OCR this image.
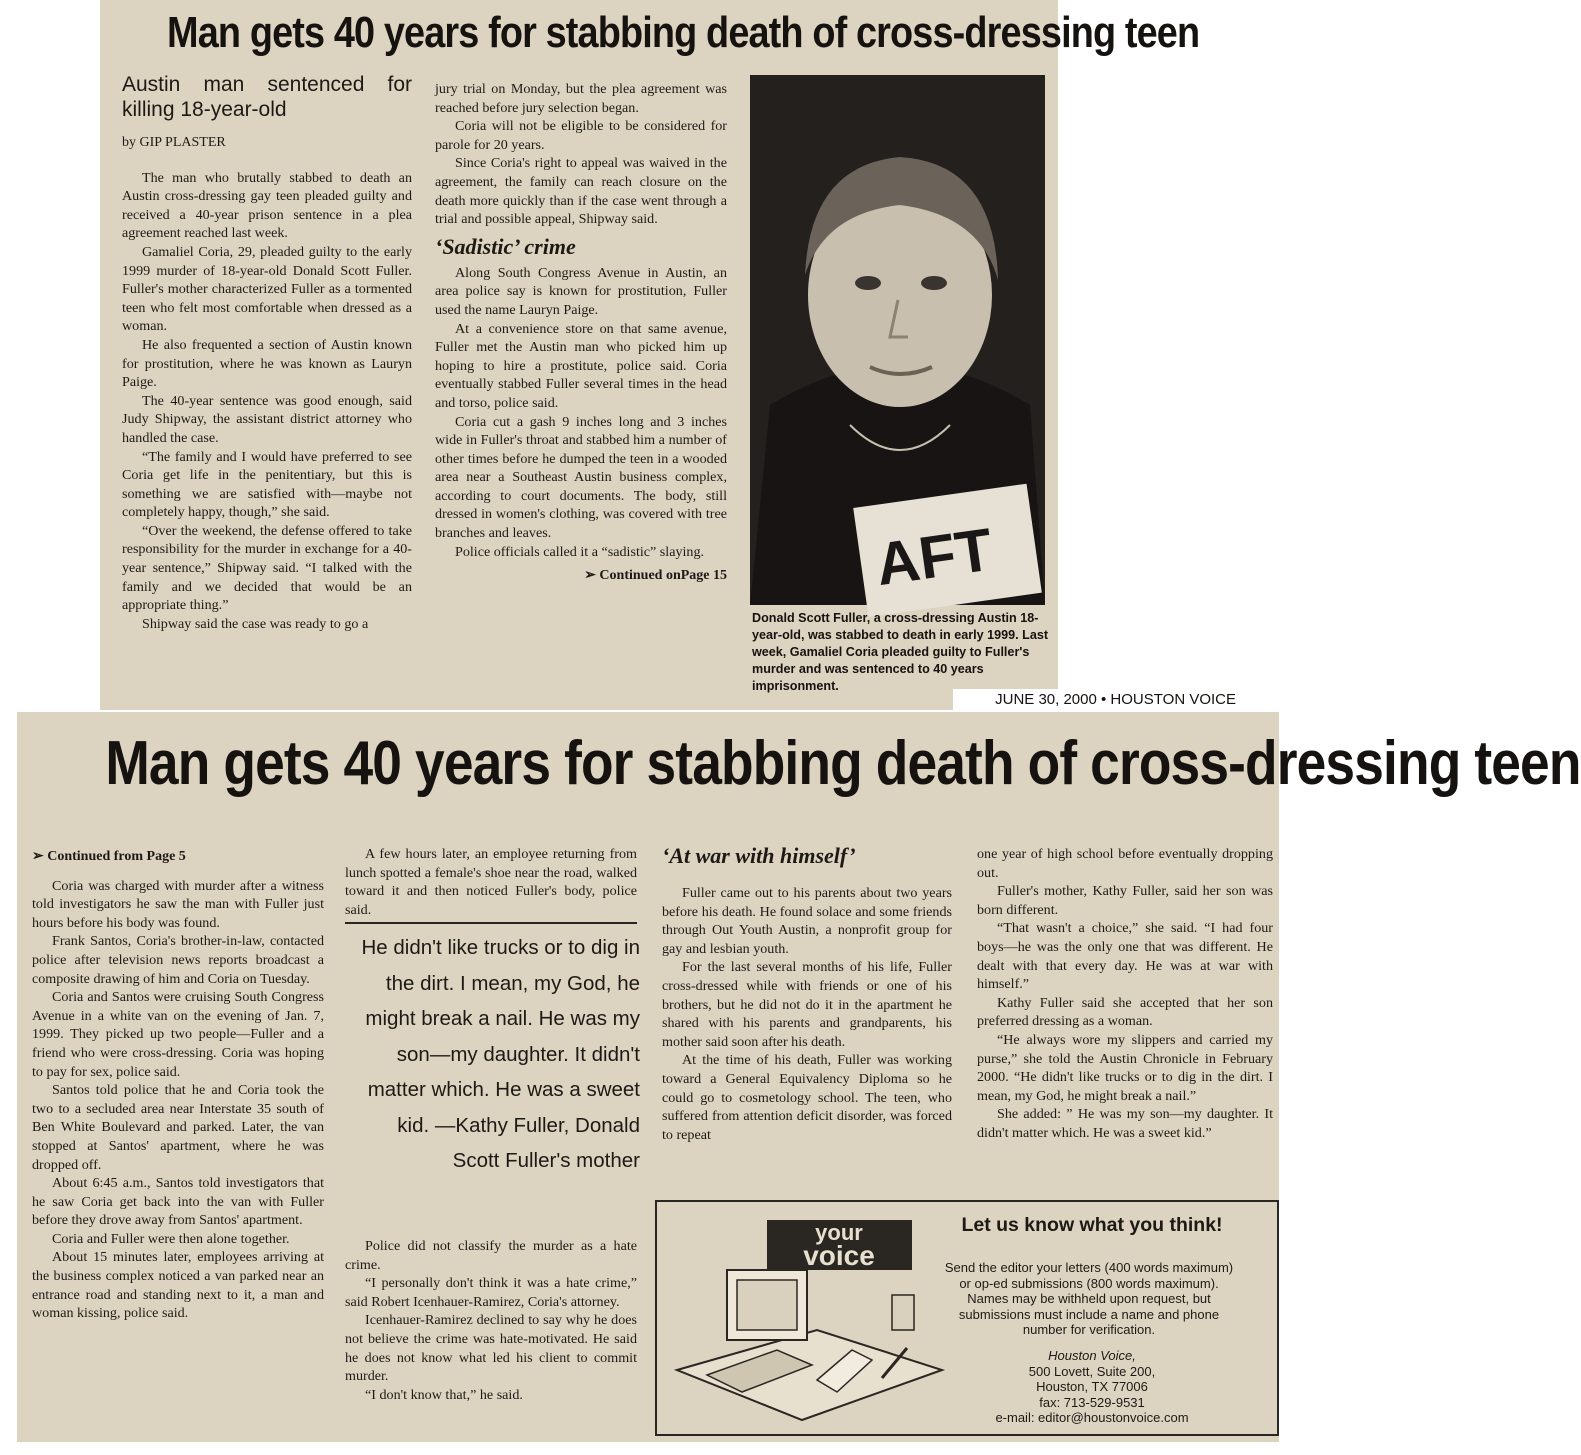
Man gets 40 years for stabbing death of cross-dressing teen
Austin man sentenced for killing 18-year-old
by GIP PLASTER

The man who brutally stabbed to death an Austin cross-dressing gay teen pleaded guilty and received a 40-year prison sentence in a plea agreement reached last week.

Gamaliel Coria, 29, pleaded guilty to the early 1999 murder of 18-year-old Donald Scott Fuller. Fuller's mother characterized Fuller as a tormented teen who felt most comfortable when dressed as a woman.

He also frequented a section of Austin known for prostitution, where he was known as Lauryn Paige.

The 40-year sentence was good enough, said Judy Shipway, the assistant district attorney who handled the case.

“The family and I would have preferred to see Coria get life in the penitentiary, but this is something we are satisfied with—maybe not completely happy, though,” she said.

“Over the weekend, the defense offered to take responsibility for the murder in exchange for a 40-year sentence,” Shipway said. “I talked with the family and we decided that would be an appropriate thing.”

Shipway said the case was ready to go a

jury trial on Monday, but the plea agreement was reached before jury selection began.

Coria will not be eligible to be considered for parole for 20 years.

Since Coria's right to appeal was waived in the agreement, the family can reach closure on the death more quickly than if the case went through a trial and possible appeal, Shipway said.

‘Sadistic’ crime

Along South Congress Avenue in Austin, an area police say is known for prostitution, Fuller used the name Lauryn Paige.

At a convenience store on that same avenue, Fuller met the Austin man who picked him up hoping to hire a prostitute, police said. Coria eventually stabbed Fuller several times in the head and torso, police said.

Coria cut a gash 9 inches long and 3 inches wide in Fuller's throat and stabbed him a number of other times before he dumped the teen in a wooded area near a Southeast Austin business complex, according to court documents. The body, still dressed in women's clothing, was covered with tree branches and leaves.

Police officials called it a “sadistic” slaying.

➢ Continued onPage 15 AFT
Donald Scott Fuller, a cross-dressing Austin 18-year-old, was stabbed to death in early 1999. Last week, Gamaliel Coria pleaded guilty to Fuller's murder and was sentenced to 40 years imprisonment.
JUNE 30, 2000 • HOUSTON VOICE
Man gets 40 years for stabbing death of cross-dressing teen
➢ Continued from Page 5

Coria was charged with murder after a witness told investigators he saw the man with Fuller just hours before his body was found.

Frank Santos, Coria's brother-in-law, contacted police after television news reports broadcast a composite drawing of him and Coria on Tuesday.

Coria and Santos were cruising South Congress Avenue in a white van on the evening of Jan. 7, 1999. They picked up two people—Fuller and a friend who were cross-dressing. Coria was hoping to pay for sex, police said.

Santos told police that he and Coria took the two to a secluded area near Interstate 35 south of Ben White Boulevard and parked. Later, the van stopped at Santos' apartment, where he was dropped off.

About 6:45 a.m., Santos told investigators that he saw Coria get back into the van with Fuller before they drove away from Santos' apartment.

Coria and Fuller were then alone together.

About 15 minutes later, employees arriving at the business complex noticed a van parked near an entrance road and standing next to it, a man and woman kissing, police said.

A few hours later, an employee returning from lunch spotted a female's shoe near the road, walked toward it and then noticed Fuller's body, police said.

He didn't like trucks or to dig in the dirt. I mean, my God, he might break a nail. He was my son—my daughter. It didn't matter which. He was a sweet kid. —Kathy Fuller, Donald Scott Fuller's mother

Police did not classify the murder as a hate crime.

“I personally don't think it was a hate crime,” said Robert Icenhauer-Ramirez, Coria's attorney.

Icenhauer-Ramirez declined to say why he does not believe the crime was hate-motivated. He said he does not know what led his client to commit murder.

“I don't know that,” he said.

‘At war with himself’

Fuller came out to his parents about two years before his death. He found solace and some friends through Out Youth Austin, a nonprofit group for gay and lesbian youth.

For the last several months of his life, Fuller cross-dressed while with friends or one of his brothers, but he did not do it in the apartment he shared with his parents and grandparents, his mother said soon after his death.

At the time of his death, Fuller was working toward a General Equivalency Diploma so he could go to cosmetology school. The teen, who suffered from attention deficit disorder, was forced to repeat

one year of high school before eventually dropping out.

Fuller's mother, Kathy Fuller, said her son was born different.

“That wasn't a choice,” she said. “I had four boys—he was the only one that was different. He dealt with that every day. He was at war with himself.”

Kathy Fuller said she accepted that her son preferred dressing as a woman.

“He always wore my slippers and carried my purse,” she told the Austin Chronicle in February 2000. “He didn't like trucks or to dig in the dirt. I mean, my God, he might break a nail.”

She added: ” He was my son—my daughter. It didn't matter which. He was a sweet kid.”

your
voice
Let us know what you think!
Send the editor your letters (400 words maximum) or op-ed submissions (800 words maximum). Names may be withheld upon request, but submissions must include a name and phone number for verification.
Houston Voice,
500 Lovett, Suite 200,
Houston, TX 77006
fax: 713-529-9531
e-mail: editor@houstonvoice.com
